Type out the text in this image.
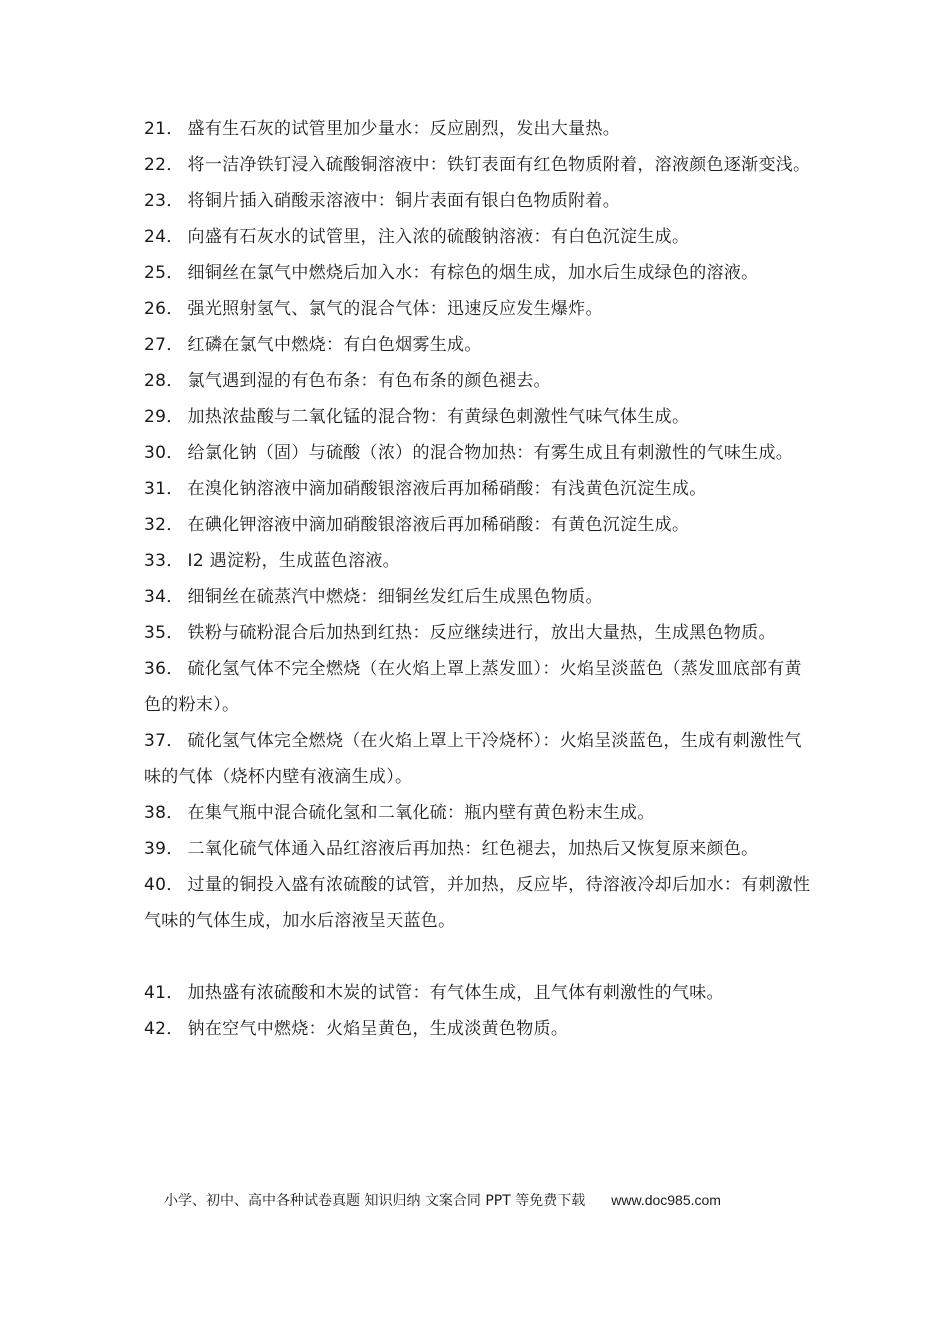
21． 盛有生石灰的试管里加少量水：反应剧烈，发出大量热。

22． 将一洁净铁钉浸入硫酸铜溶液中：铁钉表面有红色物质附着，溶液颜色逐渐变浅。

23． 将铜片插入硝酸汞溶液中：铜片表面有银白色物质附着。

24． 向盛有石灰水的试管里，注入浓的硫酸钠溶液：有白色沉淀生成。

25． 细铜丝在氯气中燃烧后加入水：有棕色的烟生成，加水后生成绿色的溶液。

26． 强光照射氢气、氯气的混合气体：迅速反应发生爆炸。

27． 红磷在氯气中燃烧：有白色烟雾生成。

28． 氯气遇到湿的有色布条：有色布条的颜色褪去。

29． 加热浓盐酸与二氧化锰的混合物：有黄绿色刺激性气味气体生成。

30． 给氯化钠（固）与硫酸（浓）的混合物加热：有雾生成且有刺激性的气味生成。

31． 在溴化钠溶液中滴加硝酸银溶液后再加稀硝酸：有浅黄色沉淀生成。

32． 在碘化钾溶液中滴加硝酸银溶液后再加稀硝酸：有黄色沉淀生成。

33． I2 遇淀粉，生成蓝色溶液。

34． 细铜丝在硫蒸汽中燃烧：细铜丝发红后生成黑色物质。

35． 铁粉与硫粉混合后加热到红热：反应继续进行，放出大量热，生成黑色物质。

36． 硫化氢气体不完全燃烧（在火焰上罩上蒸发皿）：火焰呈淡蓝色（蒸发皿底部有黄色的粉末）。

37． 硫化氢气体完全燃烧（在火焰上罩上干冷烧杯）：火焰呈淡蓝色，生成有刺激性气味的气体（烧杯内壁有液滴生成）。

38． 在集气瓶中混合硫化氢和二氧化硫：瓶内壁有黄色粉末生成。

39． 二氧化硫气体通入品红溶液后再加热：红色褪去，加热后又恢复原来颜色。

40． 过量的铜投入盛有浓硫酸的试管，并加热，反应毕，待溶液冷却后加水：有刺激性气味的气体生成，加水后溶液呈天蓝色。

41． 加热盛有浓硫酸和木炭的试管：有气体生成，且气体有刺激性的气味。

42． 钠在空气中燃烧：火焰呈黄色，生成淡黄色物质。

小学、初中、高中各种试卷真题 知识归纳 文案合同 PPT 等免费下载 www.doc985.com
